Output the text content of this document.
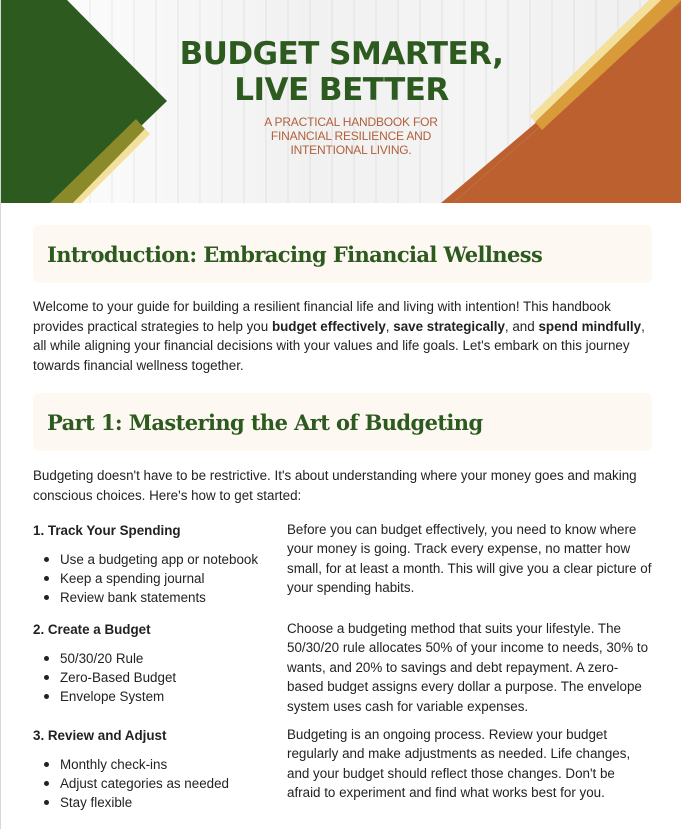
BUDGET SMARTER,
LIVE BETTER
A PRACTICAL HANDBOOK FOR
FINANCIAL RESILIENCE AND
INTENTIONAL LIVING.
Introduction: Embracing Financial Wellness

Welcome to your guide for building a resilient financial life and living with intention! This handbook provides practical strategies to help you budget effectively, save strategically, and spend mindfully, all while aligning your financial decisions with your values and life goals. Let's embark on this journey towards financial wellness together.

Part 1: Mastering the Art of Budgeting

Budgeting doesn't have to be restrictive. It's about understanding where your money goes and making conscious choices. Here's how to get started:

1. Track Your Spending
Use a budgeting app or notebook
Keep a spending journal
Review bank statements
Before you can budget effectively, you need to know where your money is going. Track every expense, no matter how small, for at least a month. This will give you a clear picture of your spending habits.
2. Create a Budget
50/30/20 Rule
Zero-Based Budget
Envelope System
Choose a budgeting method that suits your lifestyle. The 50/30/20 rule allocates 50% of your income to needs, 30% to wants, and 20% to savings and debt repayment. A zero-based budget assigns every dollar a purpose. The envelope system uses cash for variable expenses.
3. Review and Adjust
Monthly check-ins
Adjust categories as needed
Stay flexible
Budgeting is an ongoing process. Review your budget regularly and make adjustments as needed. Life changes, and your budget should reflect those changes. Don't be afraid to experiment and find what works best for you.
